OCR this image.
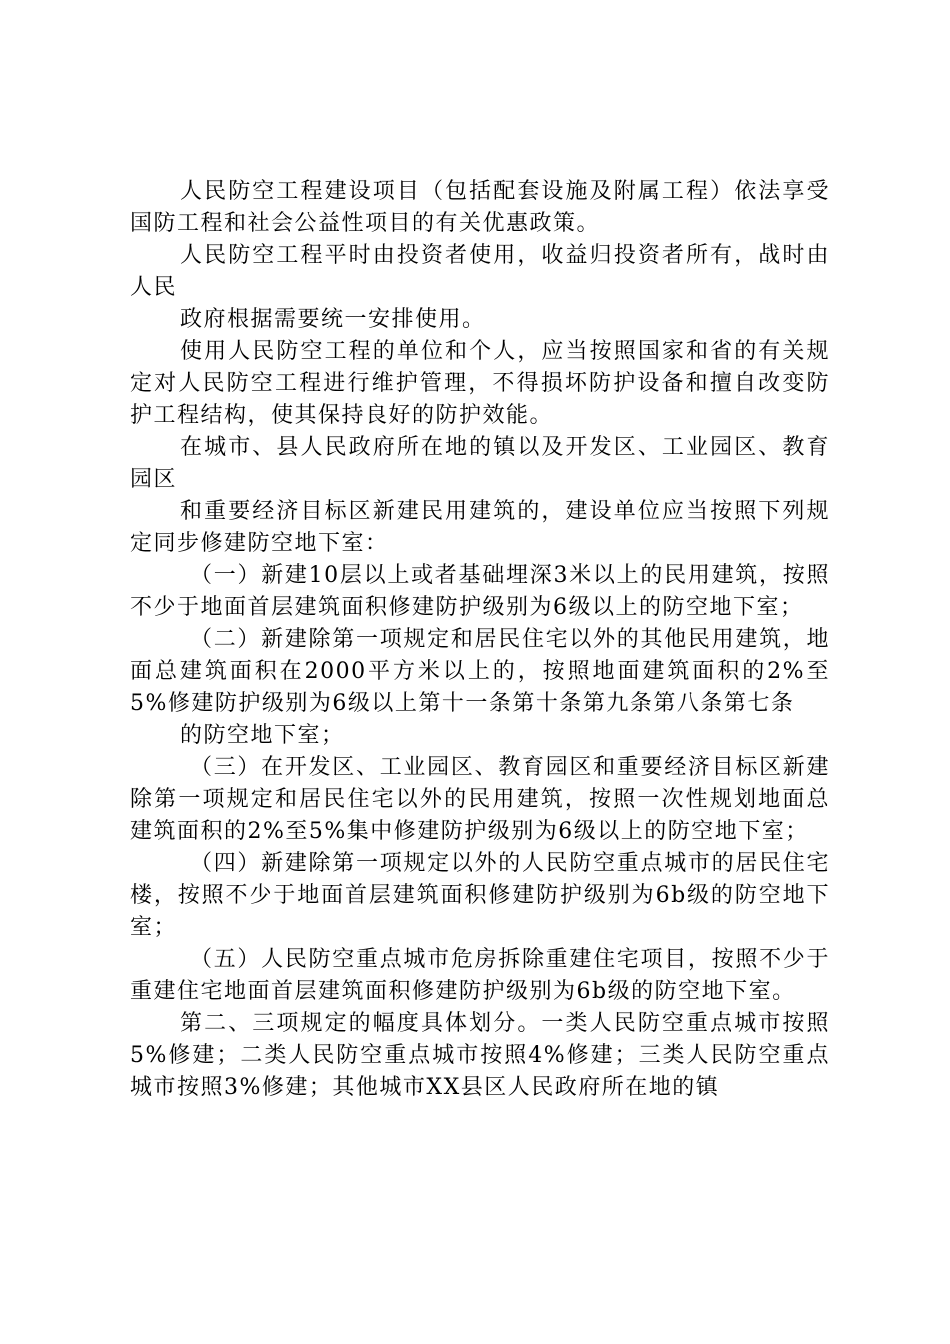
人民防空工程建设项目（包括配套设施及附属工程）依法享受国防工程和社会公益性项目的有关优惠政策。

人民防空工程平时由投资者使用，收益归投资者所有，战时由人民

政府根据需要统一安排使用。

使用人民防空工程的单位和个人，应当按照国家和省的有关规定对人民防空工程进行维护管理，不得损坏防护设备和擅自改变防护工程结构，使其保持良好的防护效能。

在城市、县人民政府所在地的镇以及开发区、工业园区、教育园区

和重要经济目标区新建民用建筑的，建设单位应当按照下列规定同步修建防空地下室：

（一）新建10层以上或者基础埋深3米以上的民用建筑，按照不少于地面首层建筑面积修建防护级别为6级以上的防空地下室；

（二）新建除第一项规定和居民住宅以外的其他民用建筑，地面总建筑面积在2000平方米以上的，按照地面建筑面积的2%至5%修建防护级别为6级以上第十一条第十条第九条第八条第七条

的防空地下室；

（三）在开发区、工业园区、教育园区和重要经济目标区新建除第一项规定和居民住宅以外的民用建筑，按照一次性规划地面总建筑面积的2%至5%集中修建防护级别为6级以上的防空地下室；

（四）新建除第一项规定以外的人民防空重点城市的居民住宅楼，按照不少于地面首层建筑面积修建防护级别为6b级的防空地下室；

（五）人民防空重点城市危房拆除重建住宅项目，按照不少于重建住宅地面首层建筑面积修建防护级别为6b级的防空地下室。

第二、三项规定的幅度具体划分。一类人民防空重点城市按照5%修建；二类人民防空重点城市按照4%修建；三类人民防空重点城市按照3%修建；其他城市XX县区人民政府所在地的镇
